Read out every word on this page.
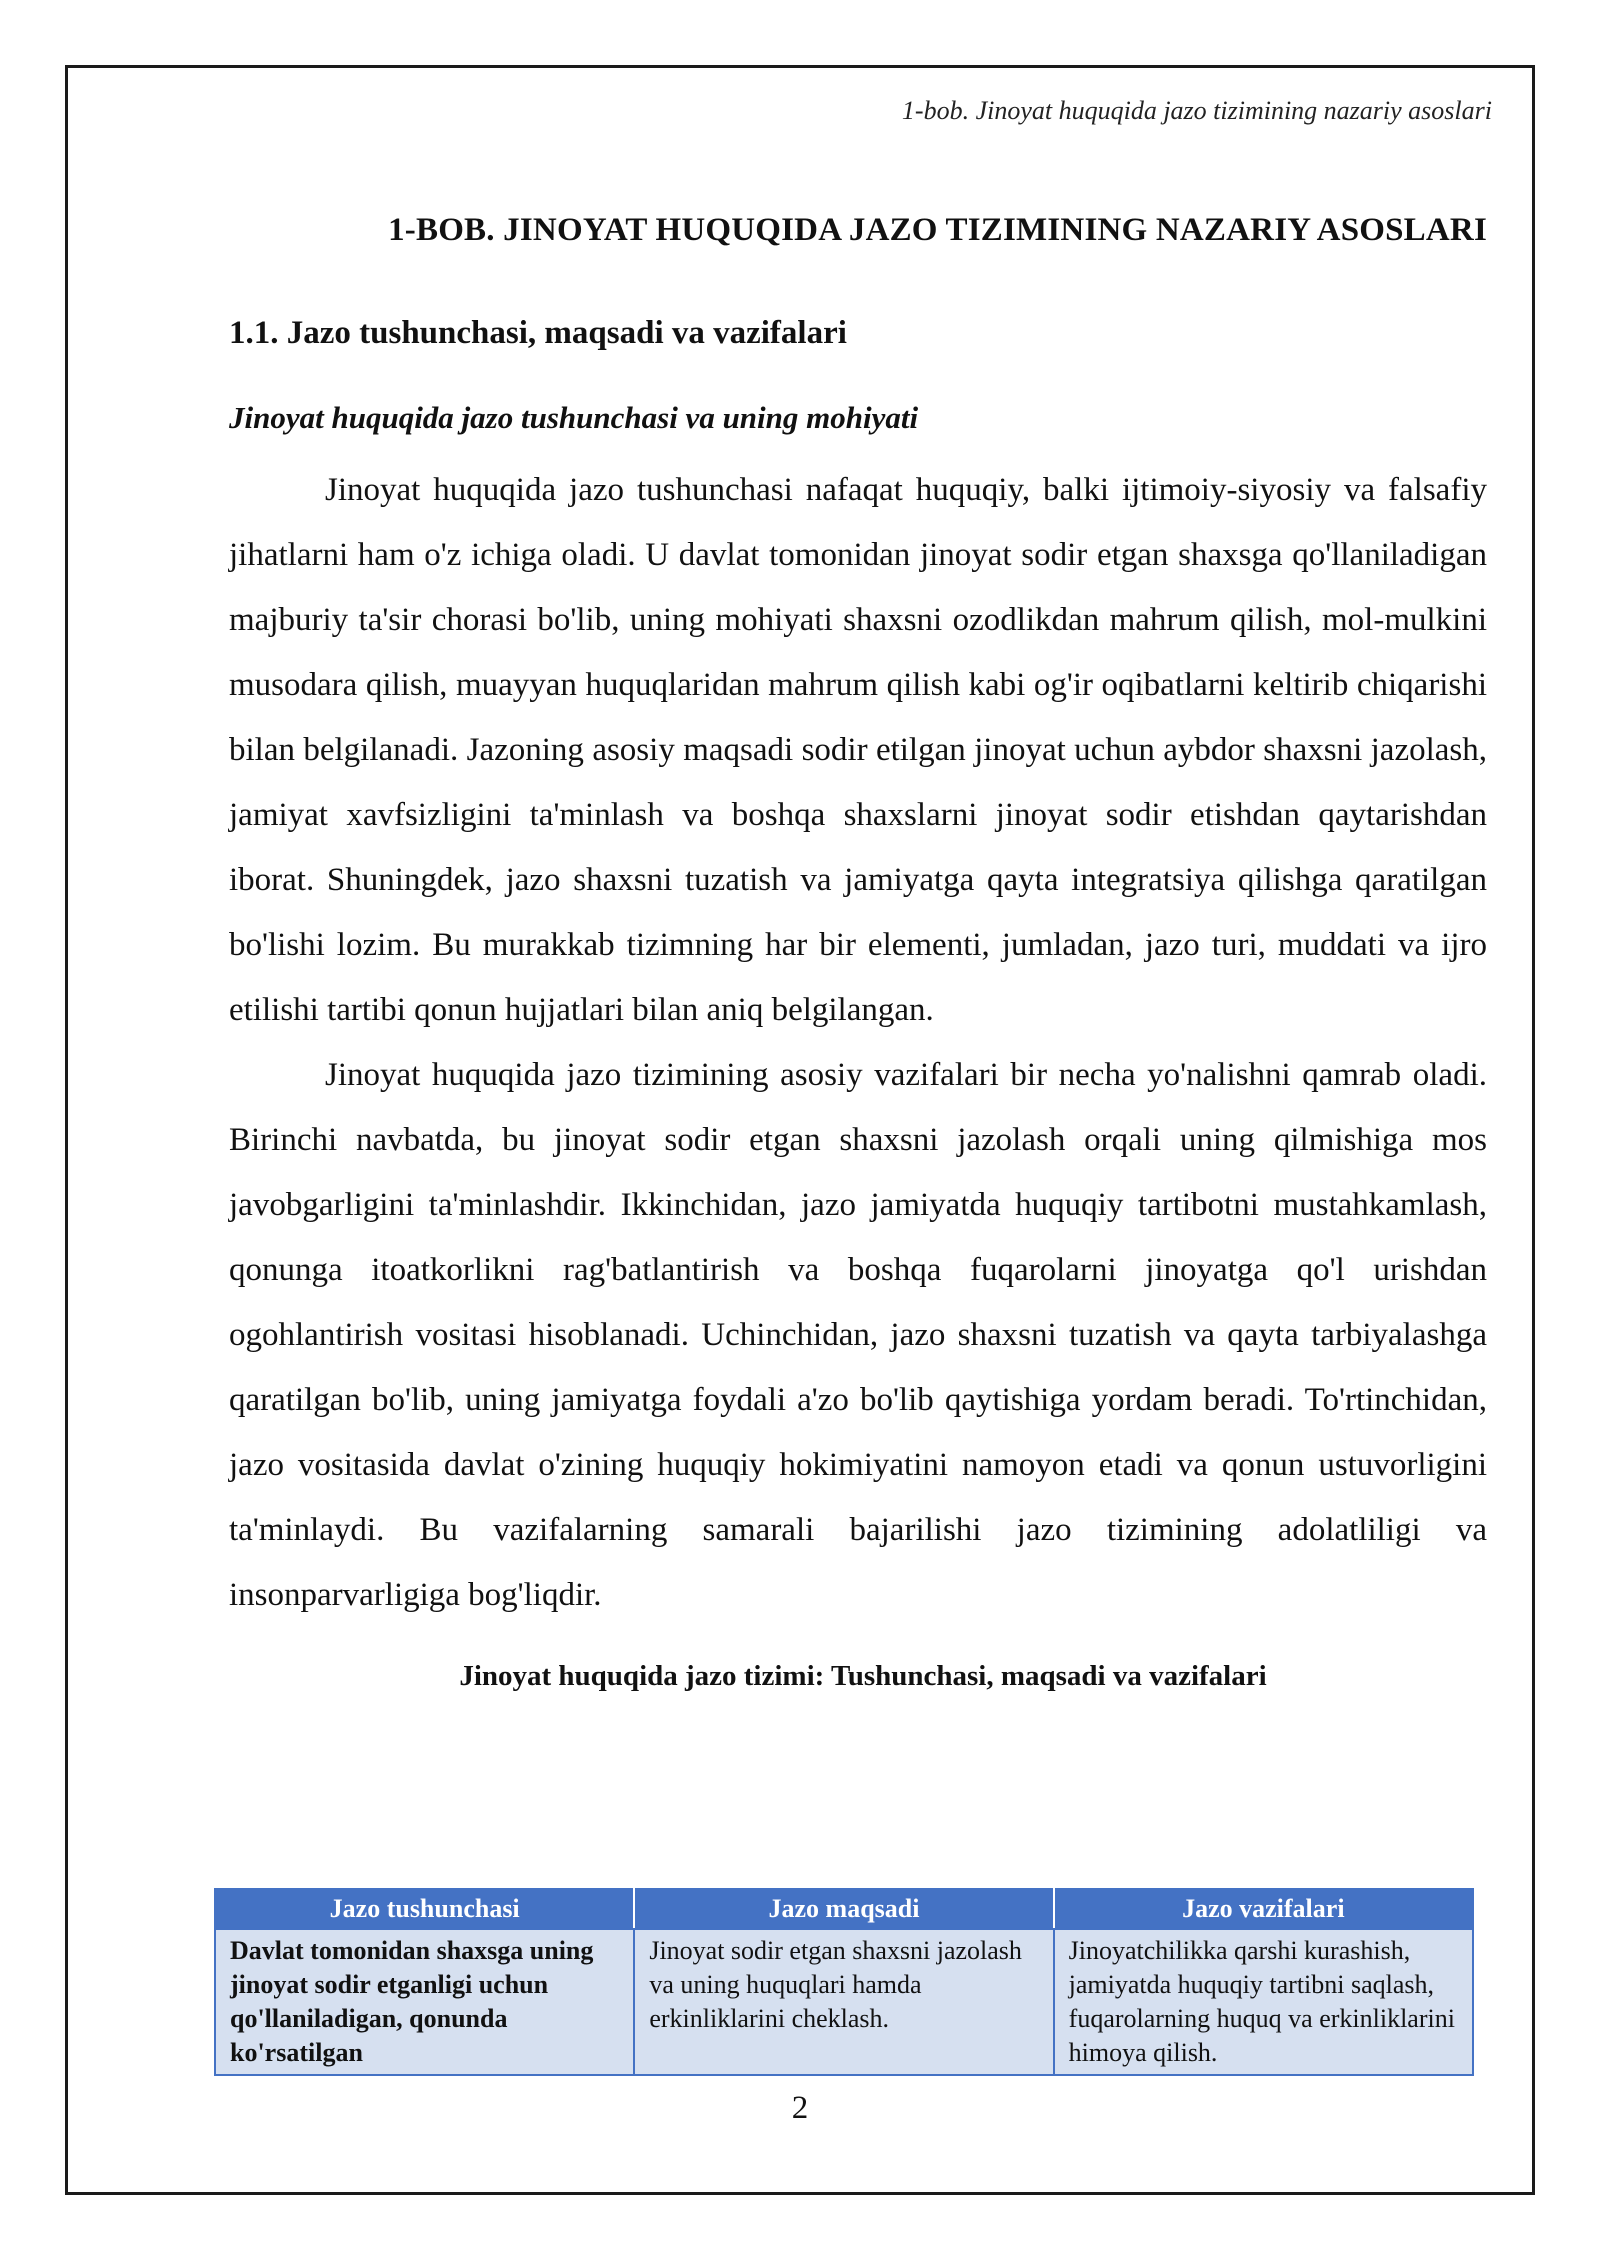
1-bob. Jinoyat huquqida jazo tizimining nazariy asoslari
1-BOB. JINOYAT HUQUQIDA JAZO TIZIMINING NAZARIY ASOSLARI
1.1. Jazo tushunchasi, maqsadi va vazifalari
Jinoyat huquqida jazo tushunchasi va uning mohiyati

Jinoyat huquqida jazo tushunchasi nafaqat huquqiy, balki ijtimoiy-siyosiy va falsafiy jihatlarni ham o'z ichiga oladi. U davlat tomonidan jinoyat sodir etgan shaxsga qo'llaniladigan majburiy ta'sir chorasi bo'lib, uning mohiyati shaxsni ozodlikdan mahrum qilish, mol-mulkini musodara qilish, muayyan huquqlaridan mahrum qilish kabi og'ir oqibatlarni keltirib chiqarishi bilan belgilanadi. Jazoning asosiy maqsadi sodir etilgan jinoyat uchun aybdor shaxsni jazolash, jamiyat xavfsizligini ta'minlash va boshqa shaxslarni jinoyat sodir etishdan qaytarishdan iborat. Shuningdek, jazo shaxsni tuzatish va jamiyatga qayta integratsiya qilishga qaratilgan bo'lishi lozim. Bu murakkab tizimning har bir elementi, jumladan, jazo turi, muddati va ijro etilishi tartibi qonun hujjatlari bilan aniq belgilangan.

Jinoyat huquqida jazo tizimining asosiy vazifalari bir necha yo'nalishni qamrab oladi. Birinchi navbatda, bu jinoyat sodir etgan shaxsni jazolash orqali uning qilmishiga mos javobgarligini ta'minlashdir. Ikkinchidan, jazo jamiyatda huquqiy tartibotni mustahkamlash, qonunga itoatkorlikni rag'batlantirish va boshqa fuqarolarni jinoyatga qo'l urishdan ogohlantirish vositasi hisoblanadi. Uchinchidan, jazo shaxsni tuzatish va qayta tarbiyalashga qaratilgan bo'lib, uning jamiyatga foydali a'zo bo'lib qaytishiga yordam beradi. To'rtinchidan, jazo vositasida davlat o'zining huquqiy hokimiyatini namoyon etadi va qonun ustuvorligini ta'minlaydi. Bu vazifalarning samarali bajarilishi jazo tizimining adolatliligi va insonparvarligiga bog'liqdir.

Jinoyat huquqida jazo tizimi: Tushunchasi, maqsadi va vazifalari
Jazo tushunchasi	Jazo maqsadi	Jazo vazifalari
Davlat tomonidan shaxsga uning jinoyat sodir etganligi uchun qo'llaniladigan, qonunda ko'rsatilgan	Jinoyat sodir etgan shaxsni jazolash va uning huquqlari hamda erkinliklarini cheklash.	Jinoyatchilikka qarshi kurashish, jamiyatda huquqiy tartibni saqlash, fuqarolarning huquq va erkinliklarini himoya qilish.
2
